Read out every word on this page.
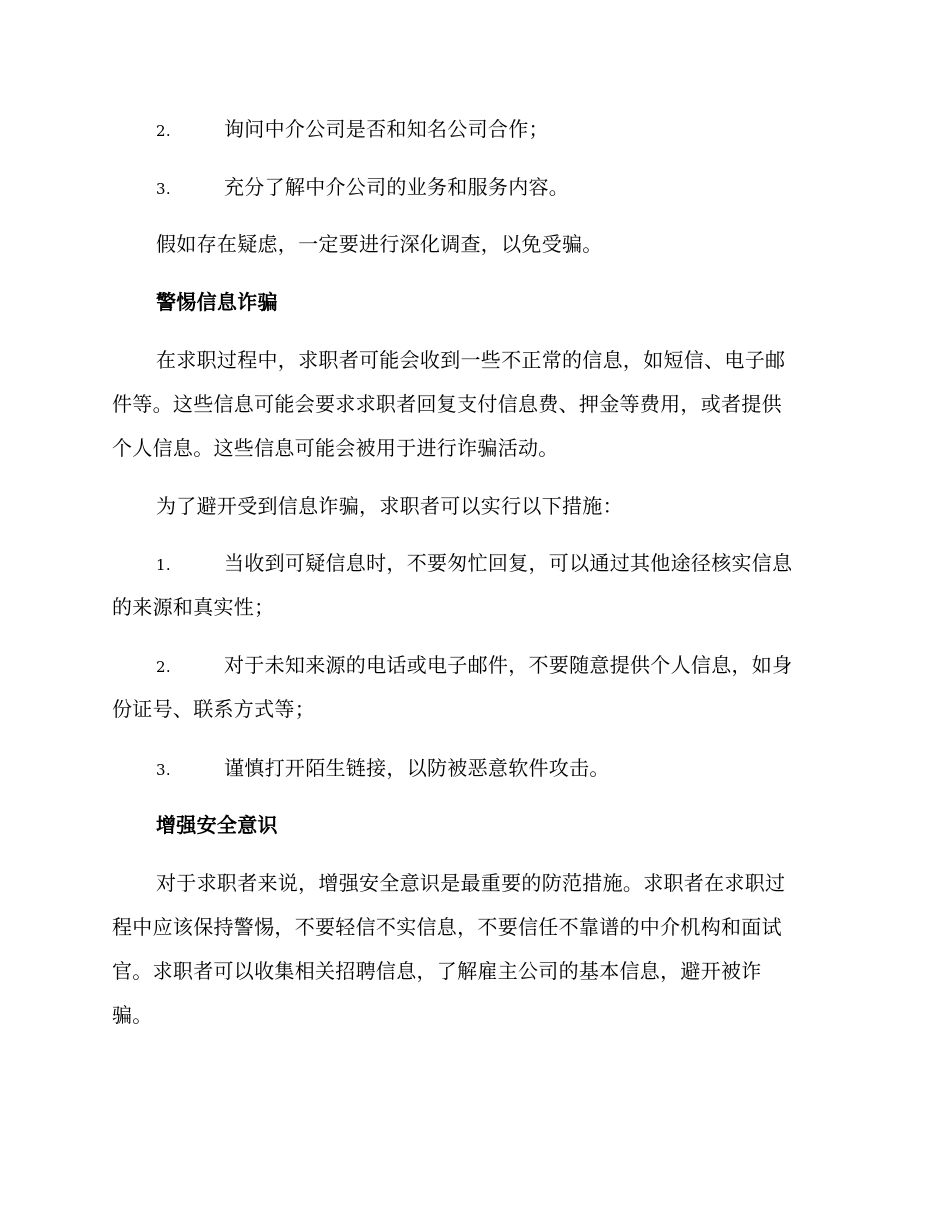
2.	询问中介公司是否和知名公司合作；
3.	充分了解中介公司的业务和服务内容。
假如存在疑虑，一定要进行深化调查，以免受骗。
警惕信息诈骗
在求职过程中，求职者可能会收到一些不正常的信息，如短信、电子邮
件等。这些信息可能会要求求职者回复支付信息费、押金等费用，或者提供
个人信息。这些信息可能会被用于进行诈骗活动。
为了避开受到信息诈骗，求职者可以实行以下措施：
1.	当收到可疑信息时，不要匆忙回复，可以通过其他途径核实信息
的来源和真实性；
2.	对于未知来源的电话或电子邮件，不要随意提供个人信息，如身
份证号、联系方式等；
3.	谨慎打开陌生链接，以防被恶意软件攻击。
增强安全意识
对于求职者来说，增强安全意识是最重要的防范措施。求职者在求职过
程中应该保持警惕，不要轻信不实信息，不要信任不靠谱的中介机构和面试
官。求职者可以收集相关招聘信息，了解雇主公司的基本信息，避开被诈
骗。
